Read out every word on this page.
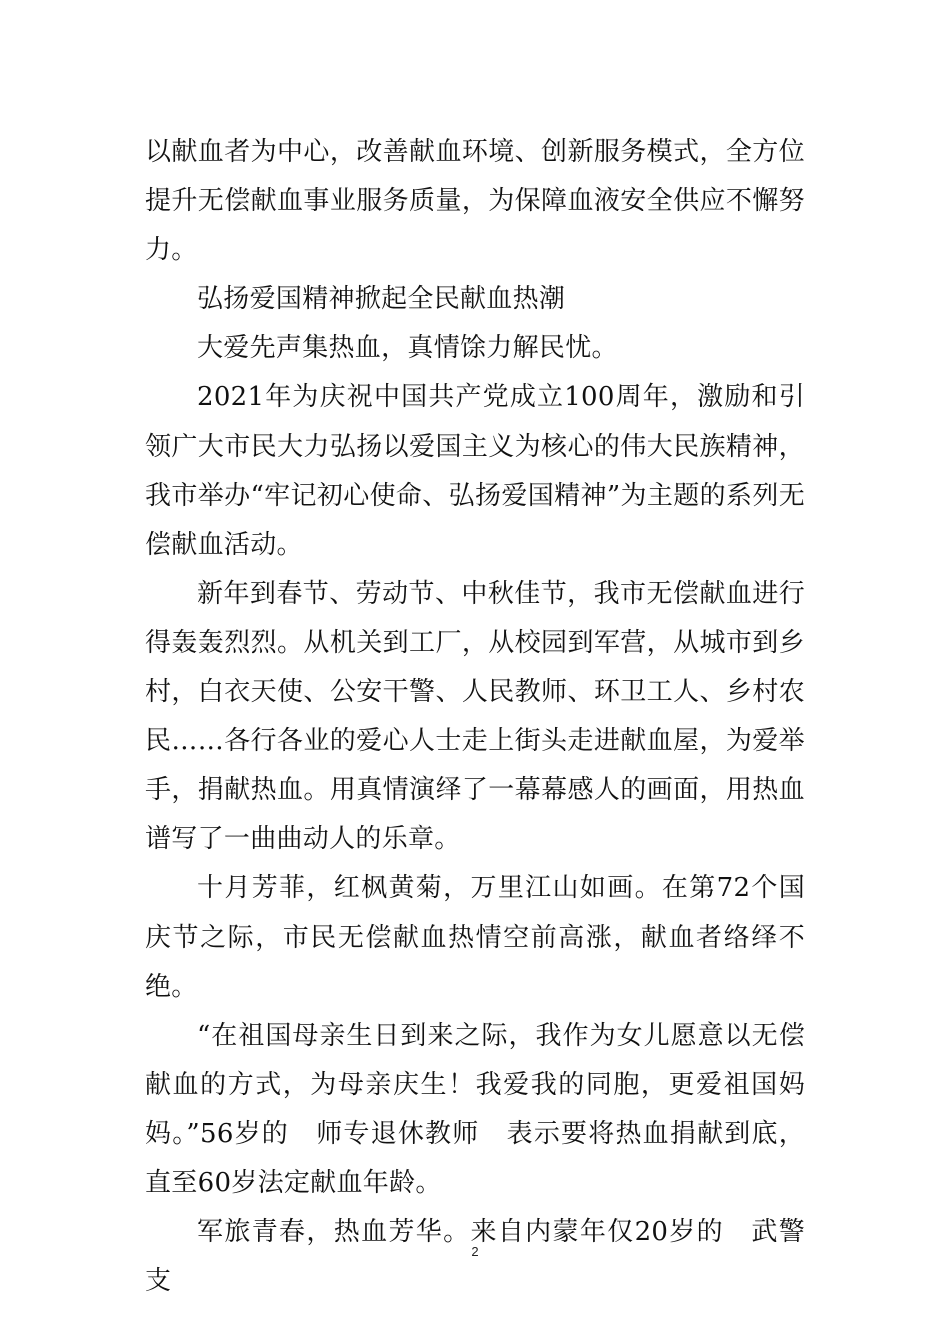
以献血者为中心，改善献血环境、创新服务模式，全方位提升无偿献血事业服务质量，为保障血液安全供应不懈努力。

弘扬爱国精神掀起全民献血热潮

大爱先声集热血，真情馀力解民忧。

2021年为庆祝中国共产党成立100周年，激励和引领广大市民大力弘扬以爱国主义为核心的伟大民族精神，我市举办“牢记初心使命、弘扬爱国精神”为主题的系列无偿献血活动。

新年到春节、劳动节、中秋佳节，我市无偿献血进行得轰轰烈烈。从机关到工厂，从校园到军营，从城市到乡村，白衣天使、公安干警、人民教师、环卫工人、乡村农民……各行各业的爱心人士走上街头走进献血屋，为爱举手，捐献热血。用真情演绎了一幕幕感人的画面，用热血谱写了一曲曲动人的乐章。

十月芳菲，红枫黄菊，万里江山如画。在第72个国庆节之际，市民无偿献血热情空前高涨，献血者络绎不绝。

“在祖国母亲生日到来之际，我作为女儿愿意以无偿献血的方式，为母亲庆生！我爱我的同胞，更爱祖国妈妈。”56岁的　师专退休教师　表示要将热血捐献到底，直至60岁法定献血年龄。

军旅青春，热血芳华。来自内蒙年仅20岁的　武警支

2
